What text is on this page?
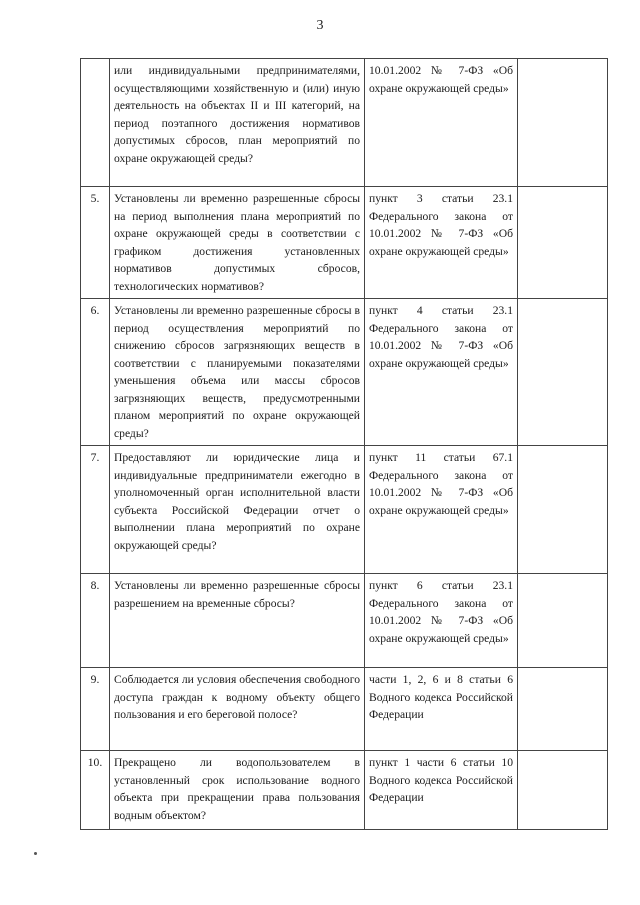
3
	или индивидуальными предпринимателями, осуществляющими хозяйственную и (или) иную деятельность на объектах II и III категорий, на период поэтапного достижения нормативов допустимых сбросов, план мероприятий по охране окружающей среды?	10.01.2002 № 7-ФЗ «Об охране окружающей среды»	
5.	Установлены ли временно разрешенные сбросы на период выполнения плана мероприятий по охране окружающей среды в соответствии с графиком достижения установленных нормативов допустимых сбросов, технологических нормативов?	пункт 3 статьи 23.1 Федерального закона от 10.01.2002 № 7-ФЗ «Об охране окружающей среды»	
6.	Установлены ли временно разрешенные сбросы в период осуществления мероприятий по снижению сбросов загрязняющих веществ в соответствии с планируемыми показателями уменьшения объема или массы сбросов загрязняющих веществ, предусмотренными планом мероприятий по охране окружающей среды?	пункт 4 статьи 23.1 Федерального закона от 10.01.2002 № 7-ФЗ «Об охране окружающей среды»	
7.	Предоставляют ли юридические лица и индивидуальные предприниматели ежегодно в уполномоченный орган исполнительной власти субъекта Российской Федерации отчет о выполнении плана мероприятий по охране окружающей среды?	пункт 11 статьи 67.1 Федерального закона от 10.01.2002 № 7-ФЗ «Об охране окружающей среды»	
8.	Установлены ли временно разрешенные сбросы разрешением на временные сбросы?	пункт 6 статьи 23.1 Федерального закона от 10.01.2002 № 7-ФЗ «Об охране окружающей среды»	
9.	Соблюдается ли условия обеспечения свободного доступа граждан к водному объекту общего пользования и его береговой полосе?	части 1, 2, 6 и 8 статьи 6 Водного кодекса Российской Федерации	
10.	Прекращено ли водопользователем в установленный срок использование водного объекта при прекращении права пользования водным объектом?	пункт 1 части 6 статьи 10 Водного кодекса Российской Федерации	
